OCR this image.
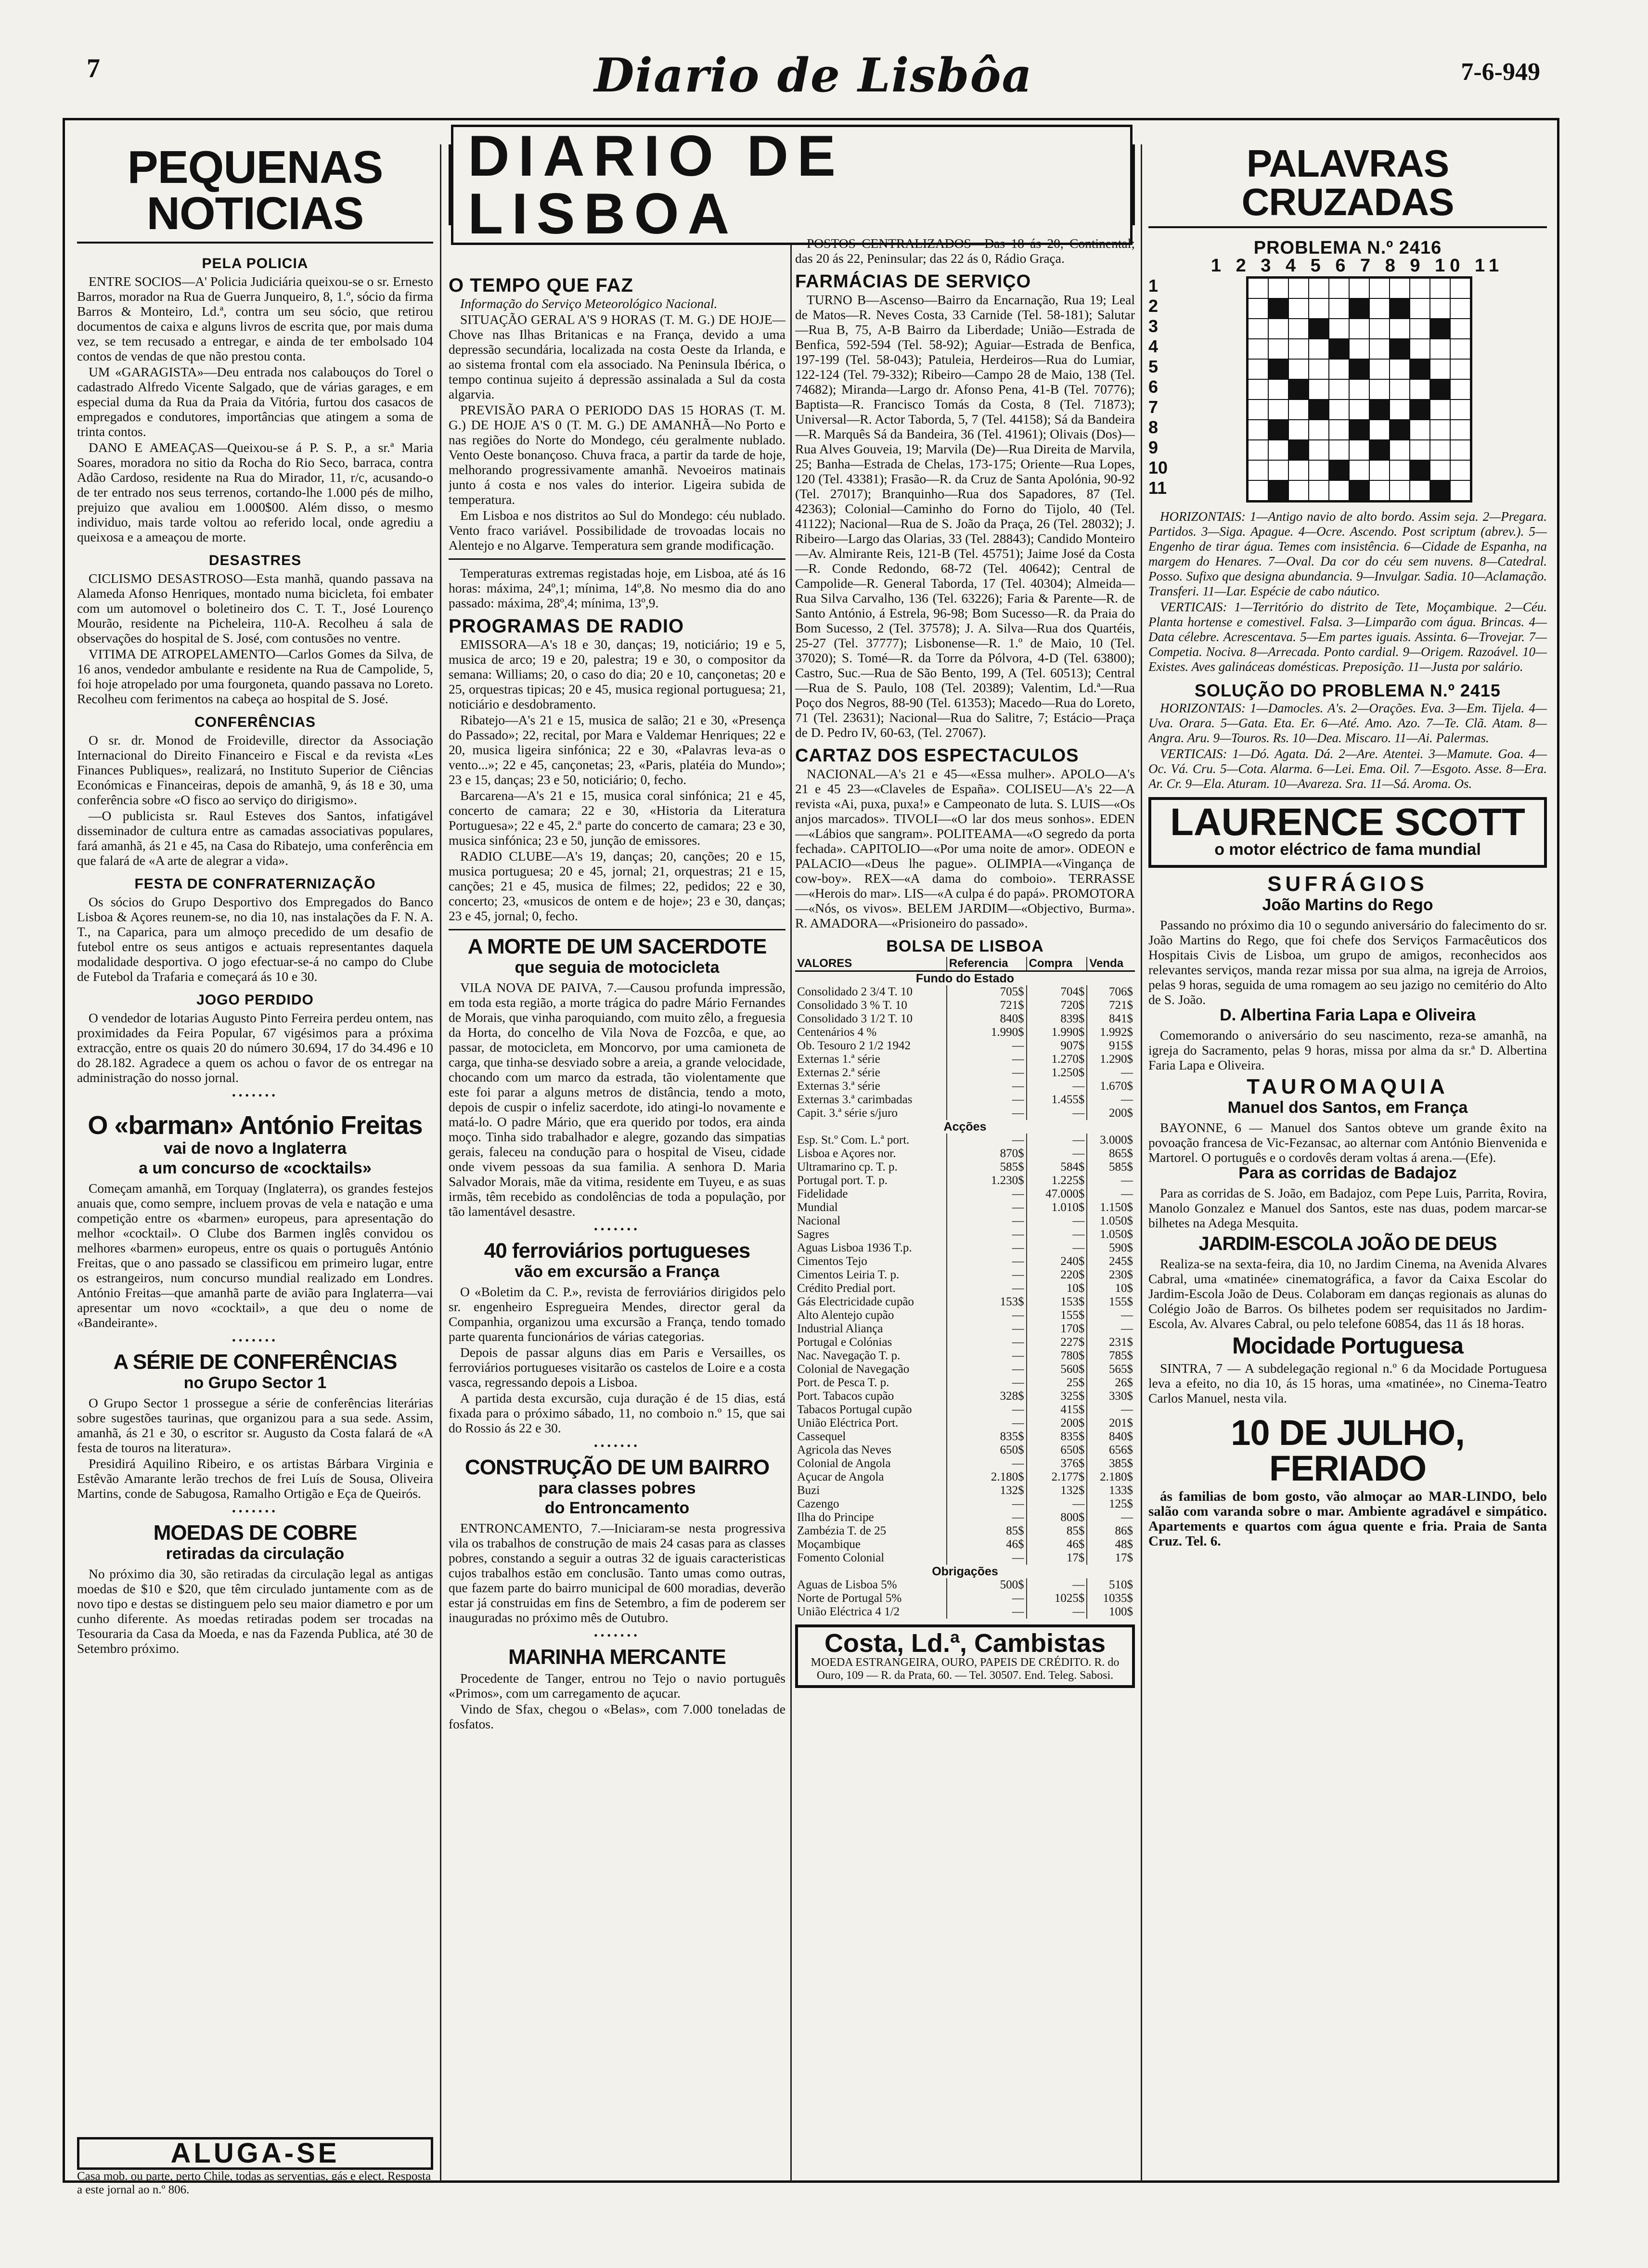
7	Diario de Lisbôa	7-6-949
PEQUENAS NOTICIAS
PELA POLICIA

ENTRE SOCIOS—A' Policia Judiciária queixou-se o sr. Ernesto Barros, morador na Rua de Guerra Junqueiro, 8, 1.º, sócio da firma Barros & Monteiro, Ld.ª, contra um seu sócio, que retirou documentos de caixa e alguns livros de escrita que, por mais duma vez, se tem recusado a entregar, e ainda de ter embolsado 104 contos de vendas de que não prestou conta.

UM «GARAGISTA»—Deu entrada nos calabouços do Torel o cadastrado Alfredo Vicente Salgado, que de várias garages, e em especial duma da Rua da Praia da Vitória, furtou dos casacos de empregados e condutores, importâncias que atingem a soma de trinta contos.

DANO E AMEAÇAS—Queixou-se á P. S. P., a sr.ª Maria Soares, moradora no sitio da Rocha do Rio Seco, barraca, contra Adão Cardoso, residente na Rua do Mirador, 11, r/c, acusando-o de ter entrado nos seus terrenos, cortando-lhe 1.000 pés de milho, prejuizo que avaliou em 1.000$00. Além disso, o mesmo individuo, mais tarde voltou ao referido local, onde agrediu a queixosa e a ameaçou de morte.

DESASTRES

CICLISMO DESASTROSO—Esta manhã, quando passava na Alameda Afonso Henriques, montado numa bicicleta, foi embater com um automovel o boletineiro dos C. T. T., José Lourenço Mourão, residente na Picheleira, 110-A. Recolheu á sala de observações do hospital de S. José, com contusões no ventre.

VITIMA DE ATROPELAMENTO—Carlos Gomes da Silva, de 16 anos, vendedor ambulante e residente na Rua de Campolide, 5, foi hoje atropelado por uma fourgoneta, quando passava no Loreto. Recolheu com ferimentos na cabeça ao hospital de S. José.

CONFERÊNCIAS

O sr. dr. Monod de Froideville, director da Associação Internacional do Direito Financeiro e Fiscal e da revista «Les Finances Publiques», realizará, no Instituto Superior de Ciências Económicas e Financeiras, depois de amanhã, 9, ás 18 e 30, uma conferência sobre «O fisco ao serviço do dirigismo».

—O publicista sr. Raul Esteves dos Santos, infatigável disseminador de cultura entre as camadas associativas populares, fará amanhã, ás 21 e 45, na Casa do Ribatejo, uma conferência em que falará de «A arte de alegrar a vida».

FESTA DE CONFRATERNIZAÇÃO

Os sócios do Grupo Desportivo dos Empregados do Banco Lisboa & Açores reunem-se, no dia 10, nas instalações da F. N. A. T., na Caparica, para um almoço precedido de um desafio de futebol entre os seus antigos e actuais representantes daquela modalidade desportiva. O jogo efectuar-se-á no campo do Clube de Futebol da Trafaria e começará ás 10 e 30.

JOGO PERDIDO

O vendedor de lotarias Augusto Pinto Ferreira perdeu ontem, nas proximidades da Feira Popular, 67 vigésimos para a próxima extracção, entre os quais 20 do número 30.694, 17 do 34.496 e 10 do 28.182. Agradece a quem os achou o favor de os entregar na administração do nosso jornal.

•••••••
O «barman» António Freitas
vai de novo a Inglaterra
a um concurso de «cocktails»

Começam amanhã, em Torquay (Inglaterra), os grandes festejos anuais que, como sempre, incluem provas de vela e natação e uma competição entre os «barmen» europeus, para apresentação do melhor «cocktail». O Clube dos Barmen inglês convidou os melhores «barmen» europeus, entre os quais o português António Freitas, que o ano passado se classificou em primeiro lugar, entre os estrangeiros, num concurso mundial realizado em Londres. António Freitas—que amanhã parte de avião para Inglaterra—vai apresentar um novo «cocktail», a que deu o nome de «Bandeirante».

•••••••
A SÉRIE DE CONFERÊNCIAS
no Grupo Sector 1

O Grupo Sector 1 prossegue a série de conferências literárias sobre sugestões taurinas, que organizou para a sua sede. Assim, amanhã, ás 21 e 30, o escritor sr. Augusto da Costa falará de «A festa de touros na literatura».

Presidirá Aquilino Ribeiro, e os artistas Bárbara Virginia e Estêvão Amarante lerão trechos de frei Luís de Sousa, Oliveira Martins, conde de Sabugosa, Ramalho Ortigão e Eça de Queirós.

•••••••
MOEDAS DE COBRE
retiradas da circulação

No próximo dia 30, são retiradas da circulação legal as antigas moedas de $10 e $20, que têm circulado juntamente com as de novo tipo e destas se distinguem pelo seu maior diametro e por um cunho diferente. As moedas retiradas podem ser trocadas na Tesouraria da Casa da Moeda, e nas da Fazenda Publica, até 30 de Setembro próximo.

DIARIO DE LISBOA
O TEMPO QUE FAZ

Informação do Serviço Meteorológico Nacional.

SITUAÇÃO GERAL A'S 9 HORAS (T. M. G.) DE HOJE—Chove nas Ilhas Britanicas e na França, devido a uma depressão secundária, localizada na costa Oeste da Irlanda, e ao sistema frontal com ela associado. Na Peninsula Ibérica, o tempo continua sujeito á depressão assinalada a Sul da costa algarvia.

PREVISÃO PARA O PERIODO DAS 15 HORAS (T. M. G.) DE HOJE A'S 0 (T. M. G.) DE AMANHÃ—No Porto e nas regiões do Norte do Mondego, céu geralmente nublado. Vento Oeste bonançoso. Chuva fraca, a partir da tarde de hoje, melhorando progressivamente amanhã. Nevoeiros matinais junto á costa e nos vales do interior. Ligeira subida de temperatura.

Em Lisboa e nos distritos ao Sul do Mondego: céu nublado. Vento fraco variável. Possibilidade de trovoadas locais no Alentejo e no Algarve. Temperatura sem grande modificação.

Temperaturas extremas registadas hoje, em Lisboa, até ás 16 horas: máxima, 24º,1; mínima, 14º,8. No mesmo dia do ano passado: máxima, 28º,4; mínima, 13º,9.

PROGRAMAS DE RADIO

EMISSORA—A's 18 e 30, danças; 19, noticiário; 19 e 5, musica de arco; 19 e 20, palestra; 19 e 30, o compositor da semana: Williams; 20, o caso do dia; 20 e 10, cançonetas; 20 e 25, orquestras tipicas; 20 e 45, musica regional portuguesa; 21, noticiário e desdobramento.

Ribatejo—A's 21 e 15, musica de salão; 21 e 30, «Presença do Passado»; 22, recital, por Mara e Valdemar Henriques; 22 e 20, musica ligeira sinfónica; 22 e 30, «Palavras leva-as o vento...»; 22 e 45, cançonetas; 23, «Paris, platéia do Mundo»; 23 e 15, danças; 23 e 50, noticiário; 0, fecho.

Barcarena—A's 21 e 15, musica coral sinfónica; 21 e 45, concerto de camara; 22 e 30, «Historia da Literatura Portuguesa»; 22 e 45, 2.ª parte do concerto de camara; 23 e 30, musica sinfónica; 23 e 50, junção de emissores.

RADIO CLUBE—A's 19, danças; 20, canções; 20 e 15, musica portuguesa; 20 e 45, jornal; 21, orquestras; 21 e 15, canções; 21 e 45, musica de filmes; 22, pedidos; 22 e 30, concerto; 23, «musicos de ontem e de hoje»; 23 e 30, danças; 23 e 45, jornal; 0, fecho.

A MORTE DE UM SACERDOTE
que seguia de motocicleta

VILA NOVA DE PAIVA, 7.—Causou profunda impressão, em toda esta região, a morte trágica do padre Mário Fernandes de Morais, que vinha paroquiando, com muito zêlo, a freguesia da Horta, do concelho de Vila Nova de Fozcôa, e que, ao passar, de motocicleta, em Moncorvo, por uma camioneta de carga, que tinha-se desviado sobre a areia, a grande velocidade, chocando com um marco da estrada, tão violentamente que este foi parar a alguns metros de distância, tendo a moto, depois de cuspir o infeliz sacerdote, ido atingi-lo novamente e matá-lo. O padre Mário, que era querido por todos, era ainda moço. Tinha sido trabalhador e alegre, gozando das simpatias gerais, faleceu na condução para o hospital de Viseu, cidade onde vivem pessoas da sua familia. A senhora D. Maria Salvador Morais, mãe da vitima, residente em Tuyeu, e as suas irmãs, têm recebido as condolências de toda a população, por tão lamentável desastre.

•••••••
40 ferroviários portugueses
vão em excursão a França

O «Boletim da C. P.», revista de ferroviários dirigidos pelo sr. engenheiro Espregueira Mendes, director geral da Companhia, organizou uma excursão a França, tendo tomado parte quarenta funcionários de várias categorias.

Depois de passar alguns dias em Paris e Versailles, os ferroviários portugueses visitarão os castelos de Loire e a costa vasca, regressando depois a Lisboa.

A partida desta excursão, cuja duração é de 15 dias, está fixada para o próximo sábado, 11, no comboio n.º 15, que sai do Rossio ás 22 e 30.

•••••••
CONSTRUÇÃO DE UM BAIRRO
para classes pobres
do Entroncamento

ENTRONCAMENTO, 7.—Iniciaram-se nesta progressiva vila os trabalhos de construção de mais 24 casas para as classes pobres, constando a seguir a outras 32 de iguais caracteristicas cujos trabalhos estão em conclusão. Tanto umas como outras, que fazem parte do bairro municipal de 600 moradias, deverão estar já construidas em fins de Setembro, a fim de poderem ser inauguradas no próximo mês de Outubro.

•••••••
MARINHA MERCANTE

Procedente de Tanger, entrou no Tejo o navio português «Primos», com um carregamento de açucar.

Vindo de Sfax, chegou o «Belas», com 7.000 toneladas de fosfatos.

POSTOS CENTRALIZADOS—Das 18 ás 20, Continental; das 20 ás 22, Peninsular; das 22 ás 0, Rádio Graça.

FARMÁCIAS DE SERVIÇO

TURNO B—Ascenso—Bairro da Encarnação, Rua 19; Leal de Matos—R. Neves Costa, 33 Carnide (Tel. 58-181); Salutar—Rua B, 75, A-B Bairro da Liberdade; União—Estrada de Benfica, 592-594 (Tel. 58-92); Aguiar—Estrada de Benfica, 197-199 (Tel. 58-043); Patuleia, Herdeiros—Rua do Lumiar, 122-124 (Tel. 79-332); Ribeiro—Campo 28 de Maio, 138 (Tel. 74682); Miranda—Largo dr. Afonso Pena, 41-B (Tel. 70776); Baptista—R. Francisco Tomás da Costa, 8 (Tel. 71873); Universal—R. Actor Taborda, 5, 7 (Tel. 44158); Sá da Bandeira—R. Marquês Sá da Bandeira, 36 (Tel. 41961); Olivais (Dos)—Rua Alves Gouveia, 19; Marvila (De)—Rua Direita de Marvila, 25; Banha—Estrada de Chelas, 173-175; Oriente—Rua Lopes, 120 (Tel. 43381); Frasão—R. da Cruz de Santa Apolónia, 90-92 (Tel. 27017); Branquinho—Rua dos Sapadores, 87 (Tel. 42363); Colonial—Caminho do Forno do Tijolo, 40 (Tel. 41122); Nacional—Rua de S. João da Praça, 26 (Tel. 28032); J. Ribeiro—Largo das Olarias, 33 (Tel. 28843); Candido Monteiro—Av. Almirante Reis, 121-B (Tel. 45751); Jaime José da Costa—R. Conde Redondo, 68-72 (Tel. 40642); Central de Campolide—R. General Taborda, 17 (Tel. 40304); Almeida—Rua Silva Carvalho, 136 (Tel. 63226); Faria & Parente—R. de Santo António, á Estrela, 96-98; Bom Sucesso—R. da Praia do Bom Sucesso, 2 (Tel. 37578); J. A. Silva—Rua dos Quartéis, 25-27 (Tel. 37777); Lisbonense—R. 1.º de Maio, 10 (Tel. 37020); S. Tomé—R. da Torre da Pólvora, 4-D (Tel. 63800); Castro, Suc.—Rua de São Bento, 199, A (Tel. 60513); Central—Rua de S. Paulo, 108 (Tel. 20389); Valentim, Ld.ª—Rua Poço dos Negros, 88-90 (Tel. 61353); Macedo—Rua do Loreto, 71 (Tel. 23631); Nacional—Rua do Salitre, 7; Estácio—Praça de D. Pedro IV, 60-63, (Tel. 27067).

CARTAZ DOS ESPECTACULOS

NACIONAL—A's 21 e 45—«Essa mulher». APOLO—A's 21 e 45 23—«Claveles de España». COLISEU—A's 22—A revista «Ai, puxa, puxa!» e Campeonato de luta. S. LUIS—«Os anjos marcados». TIVOLI—«O lar dos meus sonhos». EDEN—«Lábios que sangram». POLITEAMA—«O segredo da porta fechada». CAPITOLIO—«Por uma noite de amor». ODEON e PALACIO—«Deus lhe pague». OLIMPIA—«Vingança de cow-boy». REX—«A dama do comboio». TERRASSE—«Herois do mar». LIS—«A culpa é do papá». PROMOTORA—«Nós, os vivos». BELEM JARDIM—«Objectivo, Burma». R. AMADORA—«Prisioneiro do passado».

BOLSA DE LISBOA
VALORES	Referencia	Compra	Venda
Fundo do Estado			
Consolidado 2 3/4 T. 10	705$	704$	706$
Consolidado 3 % T. 10	721$	720$	721$
Consolidado 3 1/2 T. 10	840$	839$	841$
Centenários 4 %	1.990$	1.990$	1.992$
Ob. Tesouro 2 1/2 1942	—	907$	915$
Externas 1.ª série	—	1.270$	1.290$
Externas 2.ª série	—	1.250$	—
Externas 3.ª série	—	—	1.670$
Externas 3.ª carimbadas	—	1.455$	—
Capit. 3.ª série s/juro	—	—	200$
Acções			
Esp. St.º Com. L.ª port.	—	—	3.000$
Lisboa e Açores nor.	870$	—	865$
Ultramarino cp. T. p.	585$	584$	585$
Portugal port. T. p.	1.230$	1.225$	—
Fidelidade	—	47.000$	—
Mundial	—	1.010$	1.150$
Nacional	—	—	1.050$
Sagres	—	—	1.050$
Aguas Lisboa 1936 T.p.	—	—	590$
Cimentos Tejo	—	240$	245$
Cimentos Leiria T. p.	—	220$	230$
Crédito Predial port.	—	10$	10$
Gás Electricidade cupão	153$	153$	155$
Alto Alentejo cupão	—	155$	—
Industrial Aliança	—	170$	—
Portugal e Colónias	—	227$	231$
Nac. Navegação T. p.	—	780$	785$
Colonial de Navegação	—	560$	565$
Port. de Pesca T. p.	—	25$	26$
Port. Tabacos cupão	328$	325$	330$
Tabacos Portugal cupão	—	415$	—
União Eléctrica Port.	—	200$	201$
Cassequel	835$	835$	840$
Agricola das Neves	650$	650$	656$
Colonial de Angola	—	376$	385$
Açucar de Angola	2.180$	2.177$	2.180$
Buzi	132$	132$	133$
Cazengo	—	—	125$
Ilha do Principe	—	800$	—
Zambézia T. de 25	85$	85$	86$
Moçambique	46$	46$	48$
Fomento Colonial	—	17$	17$
Obrigações			
Aguas de Lisboa 5%	500$	—	510$
Norte de Portugal 5%	—	1025$	1035$
União Eléctrica 4 1/2	—	—	100$
Costa, Ld.ª, Cambistas
MOEDA ESTRANGEIRA, OURO, PAPEIS DE CRÉDITO. R. do Ouro, 109 — R. da Prata, 60. — Tel. 30507. End. Teleg. Sabosi.
PALAVRAS CRUZADAS
PROBLEMA N.º 2416
1 2 3 4 5 6 7 8 9 10 11
1
2
3
4
5
6
7
8
9
10
11

HORIZONTAIS: 1—Antigo navio de alto bordo. Assim seja. 2—Pregara. Partidos. 3—Siga. Apague. 4—Ocre. Ascendo. Post scriptum (abrev.). 5—Engenho de tirar água. Temes com insistência. 6—Cidade de Espanha, na margem do Henares. 7—Oval. Da cor do céu sem nuvens. 8—Catedral. Posso. Sufixo que designa abundancia. 9—Invulgar. Sadia. 10—Aclamação. Transferi. 11—Lar. Espécie de cabo náutico.

VERTICAIS: 1—Território do distrito de Tete, Moçambique. 2—Céu. Planta hortense e comestivel. Falsa. 3—Limparão com água. Brincas. 4—Data célebre. Acrescentava. 5—Em partes iguais. Assinta. 6—Trovejar. 7—Competia. Nociva. 8—Arrecada. Ponto cardial. 9—Origem. Razoável. 10—Existes. Aves galináceas domésticas. Preposição. 11—Justa por salário.

SOLUÇÃO DO PROBLEMA N.º 2415

HORIZONTAIS: 1—Damocles. A's. 2—Orações. Eva. 3—Em. Tijela. 4—Uva. Orara. 5—Gata. Eta. Er. 6—Até. Amo. Azo. 7—Te. Clã. Atam. 8—Angra. Aru. 9—Touros. Rs. 10—Dea. Miscaro. 11—Ai. Palermas.

VERTICAIS: 1—Dó. Agata. Dá. 2—Are. Atentei. 3—Mamute. Goa. 4—Oc. Vá. Cru. 5—Cota. Alarma. 6—Lei. Ema. Oil. 7—Esgoto. Asse. 8—Era. Ar. Cr. 9—Ela. Aturam. 10—Avareza. Sra. 11—Sá. Aroma. Os.

LAURENCE SCOTT
o motor eléctrico de fama mundial
SUFRÁGIOS
João Martins do Rego

Passando no próximo dia 10 o segundo aniversário do falecimento do sr. João Martins do Rego, que foi chefe dos Serviços Farmacêuticos dos Hospitais Civis de Lisboa, um grupo de amigos, reconhecidos aos relevantes serviços, manda rezar missa por sua alma, na igreja de Arroios, pelas 9 horas, seguida de uma romagem ao seu jazigo no cemitério do Alto de S. João.

D. Albertina Faria Lapa e Oliveira

Comemorando o aniversário do seu nascimento, reza-se amanhã, na igreja do Sacramento, pelas 9 horas, missa por alma da sr.ª D. Albertina Faria Lapa e Oliveira.

TAUROMAQUIA
Manuel dos Santos, em França

BAYONNE, 6 — Manuel dos Santos obteve um grande êxito na povoação francesa de Vic-Fezansac, ao alternar com António Bienvenida e Martorel. O português e o cordovês deram voltas á arena.—(Efe).

Para as corridas de Badajoz

Para as corridas de S. João, em Badajoz, com Pepe Luis, Parrita, Rovira, Manolo Gonzalez e Manuel dos Santos, este nas duas, podem marcar-se bilhetes na Adega Mesquita.

JARDIM-ESCOLA JOÃO DE DEUS

Realiza-se na sexta-feira, dia 10, no Jardim Cinema, na Avenida Alvares Cabral, uma «matinée» cinematográfica, a favor da Caixa Escolar do Jardim-Escola João de Deus. Colaboram em danças regionais as alunas do Colégio João de Barros. Os bilhetes podem ser requisitados no Jardim-Escola, Av. Alvares Cabral, ou pelo telefone 60854, das 11 ás 18 horas.

Mocidade Portuguesa

SINTRA, 7 — A subdelegação regional n.º 6 da Mocidade Portuguesa leva a efeito, no dia 10, ás 15 horas, uma «matinée», no Cinema-Teatro Carlos Manuel, nesta vila.

10 DE JULHO, FERIADO

ás familias de bom gosto, vão almoçar ao MAR-LINDO, belo salão com varanda sobre o mar. Ambiente agradável e simpático. Apartements e quartos com água quente e fria. Praia de Santa Cruz. Tel. 6.

ALUGA-SE
Casa mob. ou parte, perto Chile, todas as serventias, gás e elect. Resposta a este jornal ao n.º 806.
